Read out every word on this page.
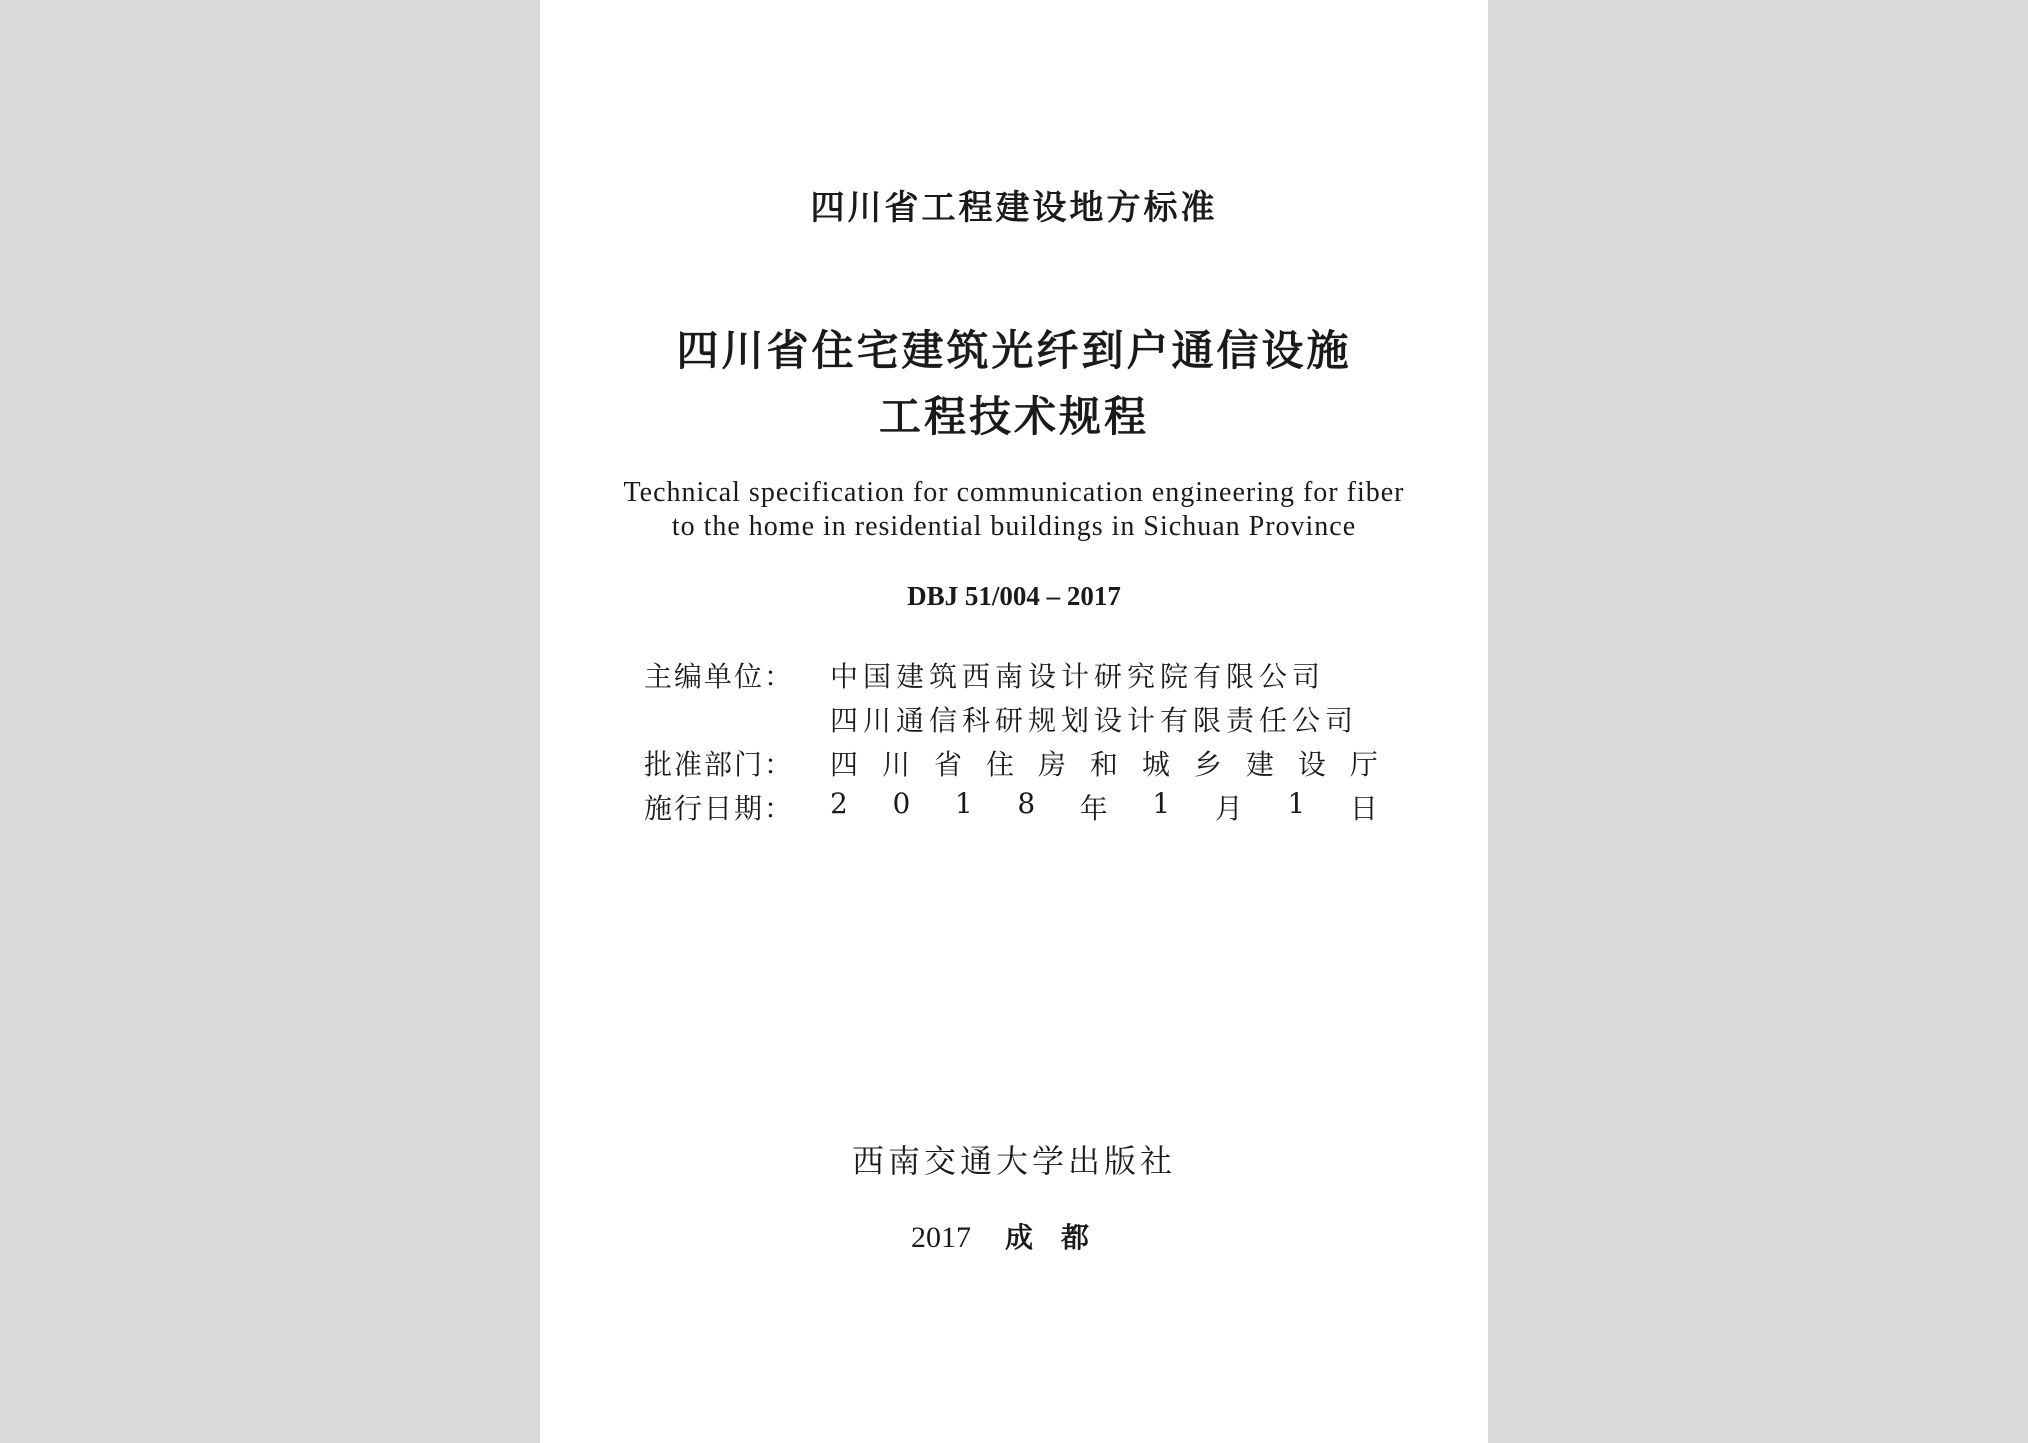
四川省工程建设地方标准
四川省住宅建筑光纤到户通信设施
工程技术规程
Technical specification for communication engineering for fiber
to the home in residential buildings in Sichuan Province
DBJ 51/004 – 2017
主编单位： 中国建筑西南设计研究院有限公司
四川通信科研规划设计有限责任公司
批准部门： 四 川 省 住 房 和 城 乡 建 设 厅
施行日期： 2 0 1 8 年 1 月 1 日
西南交通大学出版社
2017 成都
